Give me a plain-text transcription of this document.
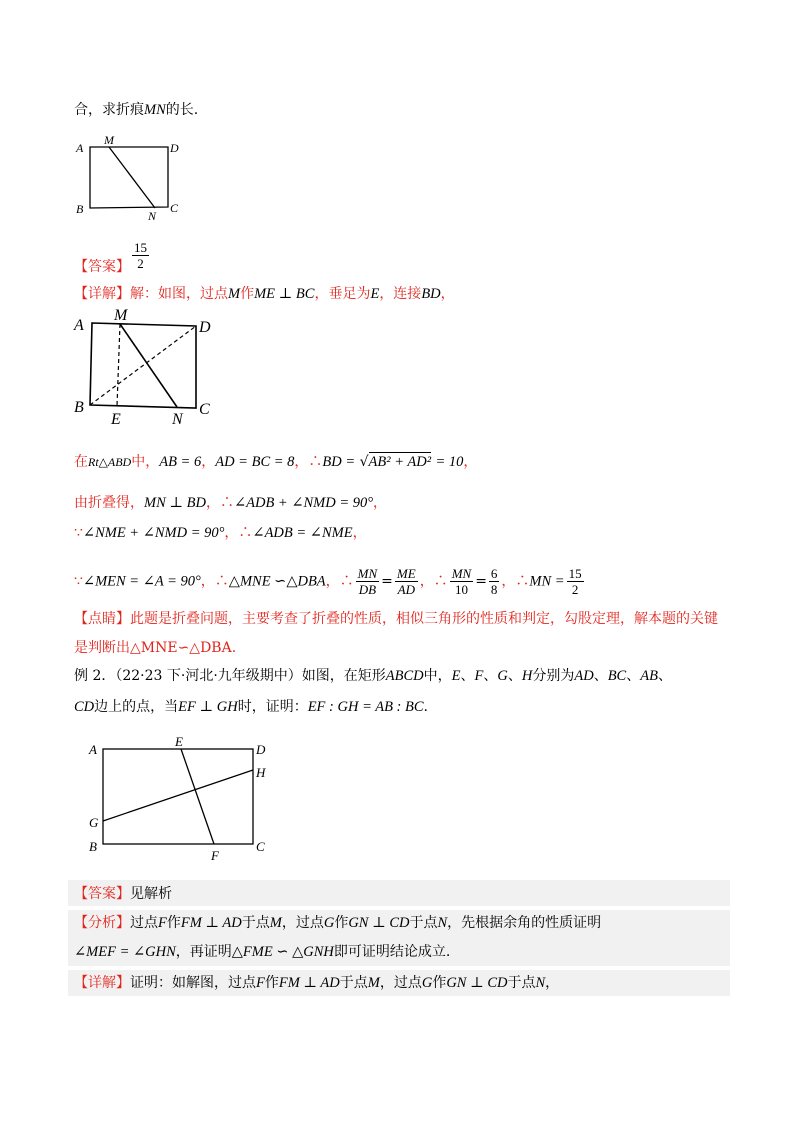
合，求折痕MN的长.
A
M
D
B	N
C
【答案】 $\frac{15}{2}$
【详解】解：如图，过点M作ME ⊥ BC，垂足为E，连接BD，
A
M
D
B
E	N
C
在Rt△ABD中，AB = 6，AD = BC = 8，∴BD = √AB² + AD² = 10，
由折叠得，MN ⊥ BD，∴∠ADB + ∠NMD = 90°，
∵∠NME + ∠NMD = 90°，∴∠ADB = ∠NME，
∵∠MEN = ∠A = 90°，∴△MNE ∽△DBA，∴ $\frac{MN}{DB} = \frac{ME}{AD}$ ，∴ $\frac{MN}{10} = \frac{6}{8}$ ，∴MN = $\frac{15}{2}$
【点睛】此题是折叠问题，主要考查了折叠的性质，相似三角形的性质和判定，勾股定理，解本题的关键
是判断出△MNE∽△DBA.
例 2．（22·23 下·河北·九年级期中）如图，在矩形ABCD中，E、F、G、H分别为AD、BC、AB、
CD边上的点，当EF ⊥ GH时，证明：EF : GH = AB : BC.
A
E
D
H
G
B
F
C
【答案】见解析
【分析】过点F作FM ⊥ AD于点M，过点G作GN ⊥ CD于点N，先根据余角的性质证明
∠MEF = ∠GHN，再证明△FME ∽ △GNH即可证明结论成立.
【详解】证明：如解图，过点F作FM ⊥ AD于点M，过点G作GN ⊥ CD于点N，
